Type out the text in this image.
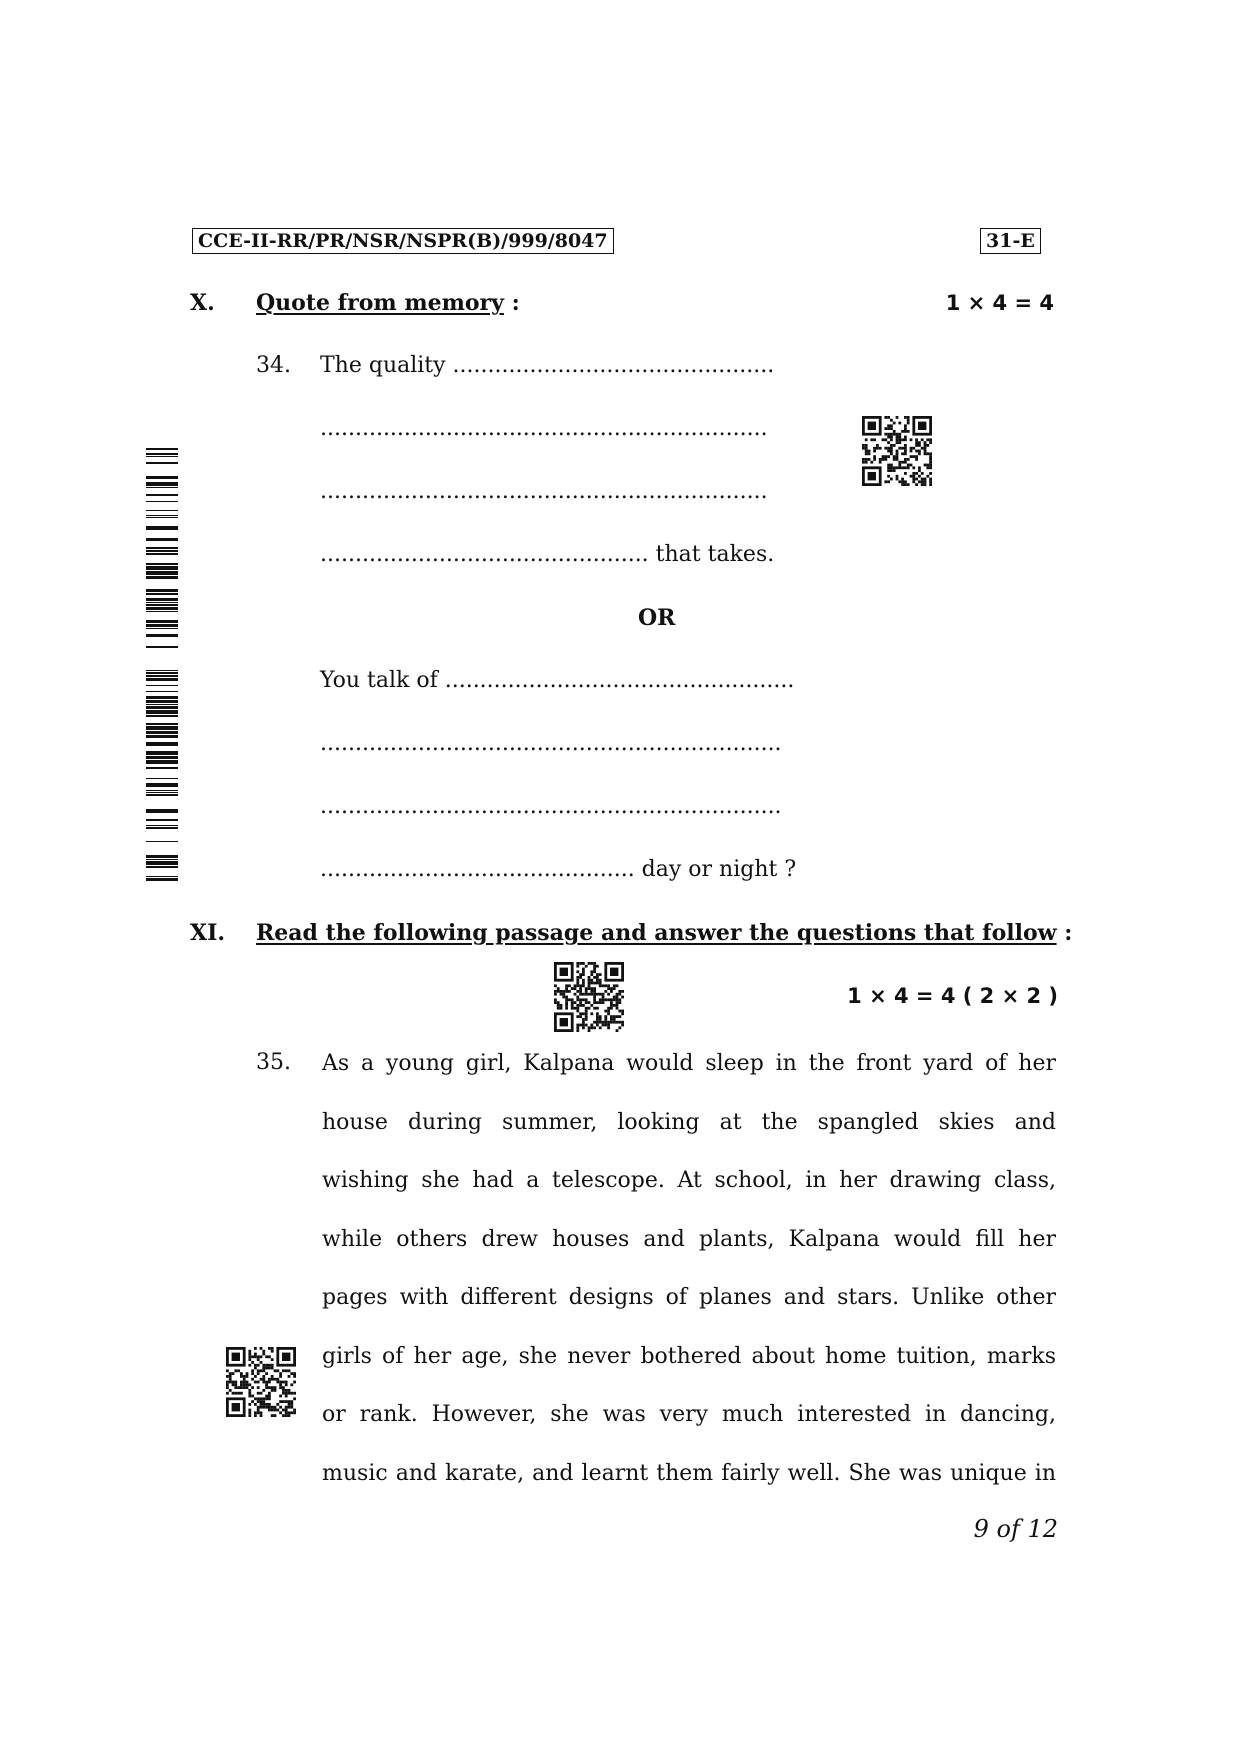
CCE-II-RR/PR/NSR/NSPR(B)/999/8047	31-E
X. Quote from memory :	1 × 4 = 4
34. The quality ..............................................
................................................................
................................................................
............................................... that takes.
OR
You talk of ..................................................
..................................................................
..................................................................
............................................. day or night ?
XI. Read the following passage and answer the questions that follow :
1 × 4 = 4 ( 2 × 2 )
35. As a young girl, Kalpana would sleep in the front yard of her
house during summer, looking at the spangled skies and
wishing she had a telescope. At school, in her drawing class,
while others drew houses and plants, Kalpana would fill her
pages with different designs of planes and stars. Unlike other
girls of her age, she never bothered about home tuition, marks
or rank. However, she was very much interested in dancing,
music and karate, and learnt them fairly well. She was unique in
9 of 12
